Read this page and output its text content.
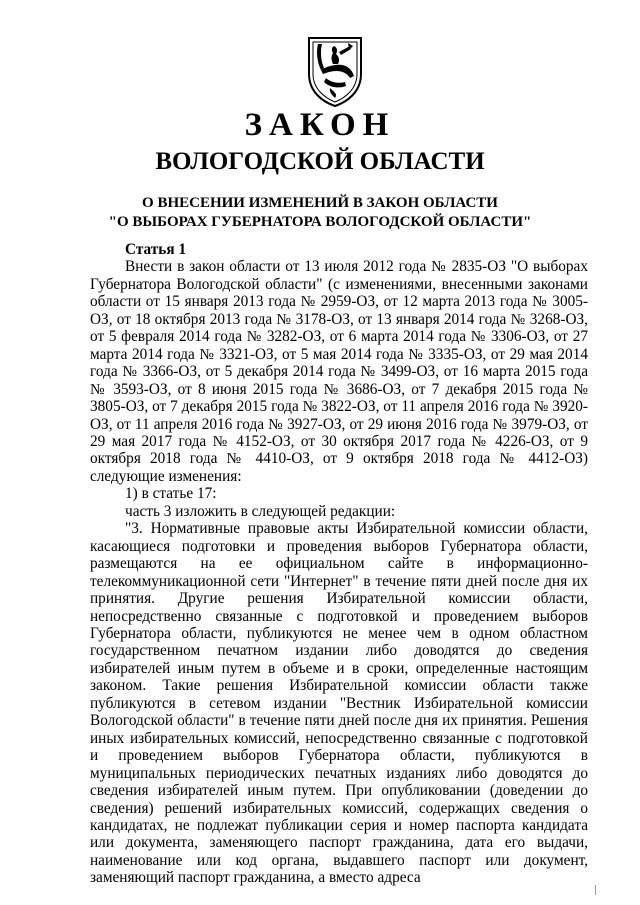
ЗАКОН
ВОЛОГОДСКОЙ ОБЛАСТИ
О ВНЕСЕНИИ ИЗМЕНЕНИЙ В ЗАКОН ОБЛАСТИ
"О ВЫБОРАХ ГУБЕРНАТОРА ВОЛОГОДСКОЙ ОБЛАСТИ"

Статья 1

Внести в закон области от 13 июля 2012 года № 2835-ОЗ "О выборах Губернатора Вологодской области" (с изменениями, внесенными законами области от 15 января 2013 года № 2959-ОЗ, от 12 марта 2013 года № 3005-ОЗ, от 18 октября 2013 года № 3178-ОЗ, от 13 января 2014 года № 3268-ОЗ, от 5 февраля 2014 года № 3282-ОЗ, от 6 марта 2014 года № 3306-ОЗ, от 27 марта 2014 года № 3321-ОЗ, от 5 мая 2014 года № 3335-ОЗ, от 29 мая 2014 года № 3366-ОЗ, от 5 декабря 2014 года № 3499-ОЗ, от 16 марта 2015 года № 3593-ОЗ, от 8 июня 2015 года № 3686-ОЗ, от 7 декабря 2015 года № 3805-ОЗ, от 7 декабря 2015 года № 3822-ОЗ, от 11 апреля 2016 года № 3920-ОЗ, от 11 апреля 2016 года № 3927-ОЗ, от 29 июня 2016 года № 3979-ОЗ, от 29 мая 2017 года № 4152-ОЗ, от 30 октября 2017 года № 4226-ОЗ, от 9 октября 2018 года № 4410-ОЗ, от 9 октября 2018 года № 4412-ОЗ) следующие изменения:

1) в статье 17:

часть 3 изложить в следующей редакции:

"3. Нормативные правовые акты Избирательной комиссии области, касающиеся подготовки и проведения выборов Губернатора области, размещаются на ее официальном сайте в информационно-телекоммуникационной сети "Интернет" в течение пяти дней после дня их принятия. Другие решения Избирательной комиссии области, непосредственно связанные с подготовкой и проведением выборов Губернатора области, публикуются не менее чем в одном областном государственном печатном издании либо доводятся до сведения избирателей иным путем в объеме и в сроки, определенные настоящим законом. Такие решения Избирательной комиссии области также публикуются в сетевом издании "Вестник Избирательной комиссии Вологодской области" в течение пяти дней после дня их принятия. Решения иных избирательных комиссий, непосредственно связанные с подготовкой и проведением выборов Губернатора области, публикуются в муниципальных периодических печатных изданиях либо доводятся до сведения избирателей иным путем. При опубликовании (доведении до сведения) решений избирательных комиссий, содержащих сведения о кандидатах, не подлежат публикации серия и номер паспорта кандидата или документа, заменяющего паспорт гражданина, дата его выдачи, наименование или код органа, выдавшего паспорт или документ, заменяющий паспорт гражданина, а вместо адреса
